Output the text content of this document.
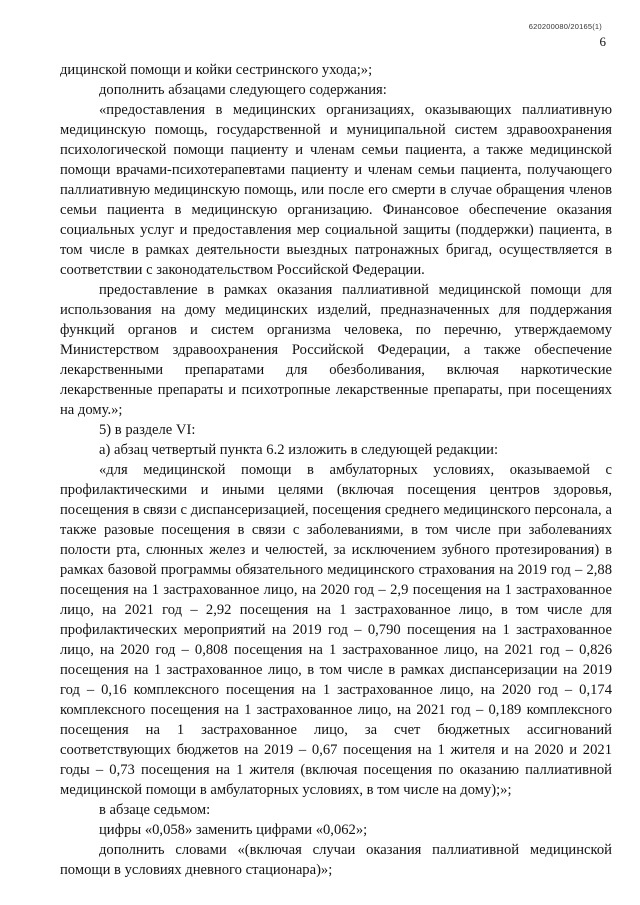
620200080/20165(1)
6

дицинской помощи и койки сестринского ухода;»;

дополнить абзацами следующего содержания:

«предоставления в медицинских организациях, оказывающих паллиативную медицинскую помощь, государственной и муниципальной систем здравоохранения психологической помощи пациенту и членам семьи пациента, а также медицинской помощи врачами-психотерапевтами пациенту и членам семьи пациента, получающего паллиативную медицинскую помощь, или после его смерти в случае обращения членов семьи пациента в медицинскую организацию. Финансовое обеспечение оказания социальных услуг и предоставления мер социальной защиты (поддержки) пациента, в том числе в рамках деятельности выездных патронажных бригад, осуществляется в соответствии с законодательством Российской Федерации.

предоставление в рамках оказания паллиативной медицинской помощи для использования на дому медицинских изделий, предназначенных для поддержания функций органов и систем организма человека, по перечню, утверждаемому Министерством здравоохранения Российской Федерации, а также обеспечение лекарственными препаратами для обезболивания, включая наркотические лекарственные препараты и психотропные лекарственные препараты, при посещениях на дому.»;

5) в разделе VI:

а) абзац четвертый пункта 6.2 изложить в следующей редакции:

«для медицинской помощи в амбулаторных условиях, оказываемой с профилактическими и иными целями (включая посещения центров здоровья, посещения в связи с диспансеризацией, посещения среднего медицинского персонала, а также разовые посещения в связи с заболеваниями, в том числе при заболеваниях полости рта, слюнных желез и челюстей, за исключением зубного протезирования) в рамках базовой программы обязательного медицинского страхования на 2019 год – 2,88 посещения на 1 застрахованное лицо, на 2020 год – 2,9 посещения на 1 застрахованное лицо, на 2021 год – 2,92 посещения на 1 застрахованное лицо, в том числе для профилактических мероприятий на 2019 год – 0,790 посещения на 1 застрахованное лицо, на 2020 год – 0,808 посещения на 1 застрахованное лицо, на 2021 год – 0,826 посещения на 1 застрахованное лицо, в том числе в рамках диспансеризации на 2019 год – 0,16 комплексного посещения на 1 застрахованное лицо, на 2020 год – 0,174 комплексного посещения на 1 застрахованное лицо, на 2021 год – 0,189 комплексного посещения на 1 застрахованное лицо, за счет бюджетных ассигнований соответствующих бюджетов на 2019 – 0,67 посещения на 1 жителя и на 2020 и 2021 годы – 0,73 посещения на 1 жителя (включая посещения по оказанию паллиативной медицинской помощи в амбулаторных условиях, в том числе на дому);»;

в абзаце седьмом:

цифры «0,058» заменить цифрами «0,062»;

дополнить словами «(включая случаи оказания паллиативной медицинской помощи в условиях дневного стационара)»;
